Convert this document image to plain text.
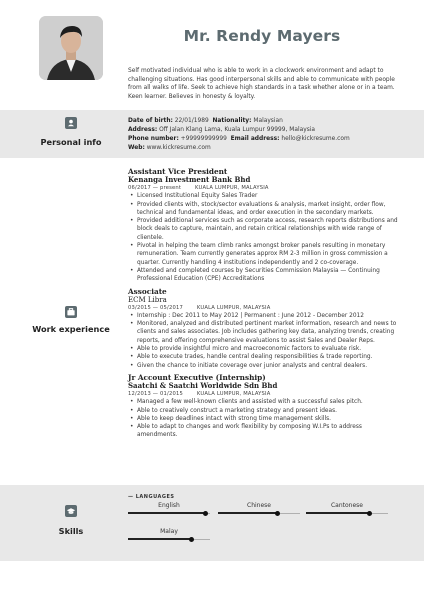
Mr. Rendy Mayers
Self motivated individual who is able to work in a clockwork environment and adapt to challenging situations. Has good interpersonal skills and able to communicate with people from all walks of life. Seek to achieve high standards in a task whether alone or in a team. Keen learner. Believes in honesty & loyalty.
Personal info
Date of birth: 22/01/1989 Nationality: Malaysian
Address: Off Jalan Klang Lama, Kuala Lumpur 99999, Malaysia
Phone number: +99999999999 Email address: hello@kickresume.com
Web: www.kickresume.com
Work experience
Assistant Vice President
Kenanga Investment Bank Bhd
06/2017 — present	KUALA LUMPUR, MALAYSIA
• Licensed Institutional Equity Sales Trader
• Provided clients with, stock/sector evaluations & analysis, market insight, order flow, technical and fundamental ideas, and order execution in the secondary markets.
• Provided additional services such as corporate access, research reports distributions and block deals to capture, maintain, and retain critical relationships with wide range of clientele.
• Pivotal in helping the team climb ranks amongst broker panels resulting in monetary remuneration. Team currently generates approx RM 2-3 million in gross commission a quarter. Currently handling 4 institutions independently and 2 co-coverage.
• Attended and completed courses by Securities Commission Malaysia — Continuing Professional Education (CPE) Accreditations
Associate
ECM Libra
03/2015 — 05/2017	KUALA LUMPUR, MALAYSIA
• Internship : Dec 2011 to May 2012 | Permanent : June 2012 - December 2012
• Monitored, analyzed and distributed pertinent market information, research and news to clients and sales associates. Job includes gathering key data, analyzing trends, creating reports, and offering comprehensive evaluations to assist Sales and Dealer Reps.
• Able to provide insightful micro and macroeconomic factors to evaluate risk.
• Able to execute trades, handle central dealing responsibilities & trade reporting.
• Given the chance to initiate coverage over junior analysts and central dealers.
Jr Account Executive (Internship)
Saatchi & Saatchi Worldwide Sdn Bhd
12/2013 — 01/2015	KUALA LUMPUR, MALAYSIA
• Managed a few well-known clients and assisted with a successful sales pitch.
• Able to creatively construct a marketing strategy and present ideas.
• Able to keep deadlines intact with strong time management skills.
• Able to adapt to changes and work flexibility by composing W.I.Ps to address amendments.
Skills
— LANGUAGES
English	Chinese	Cantonese
Malay
